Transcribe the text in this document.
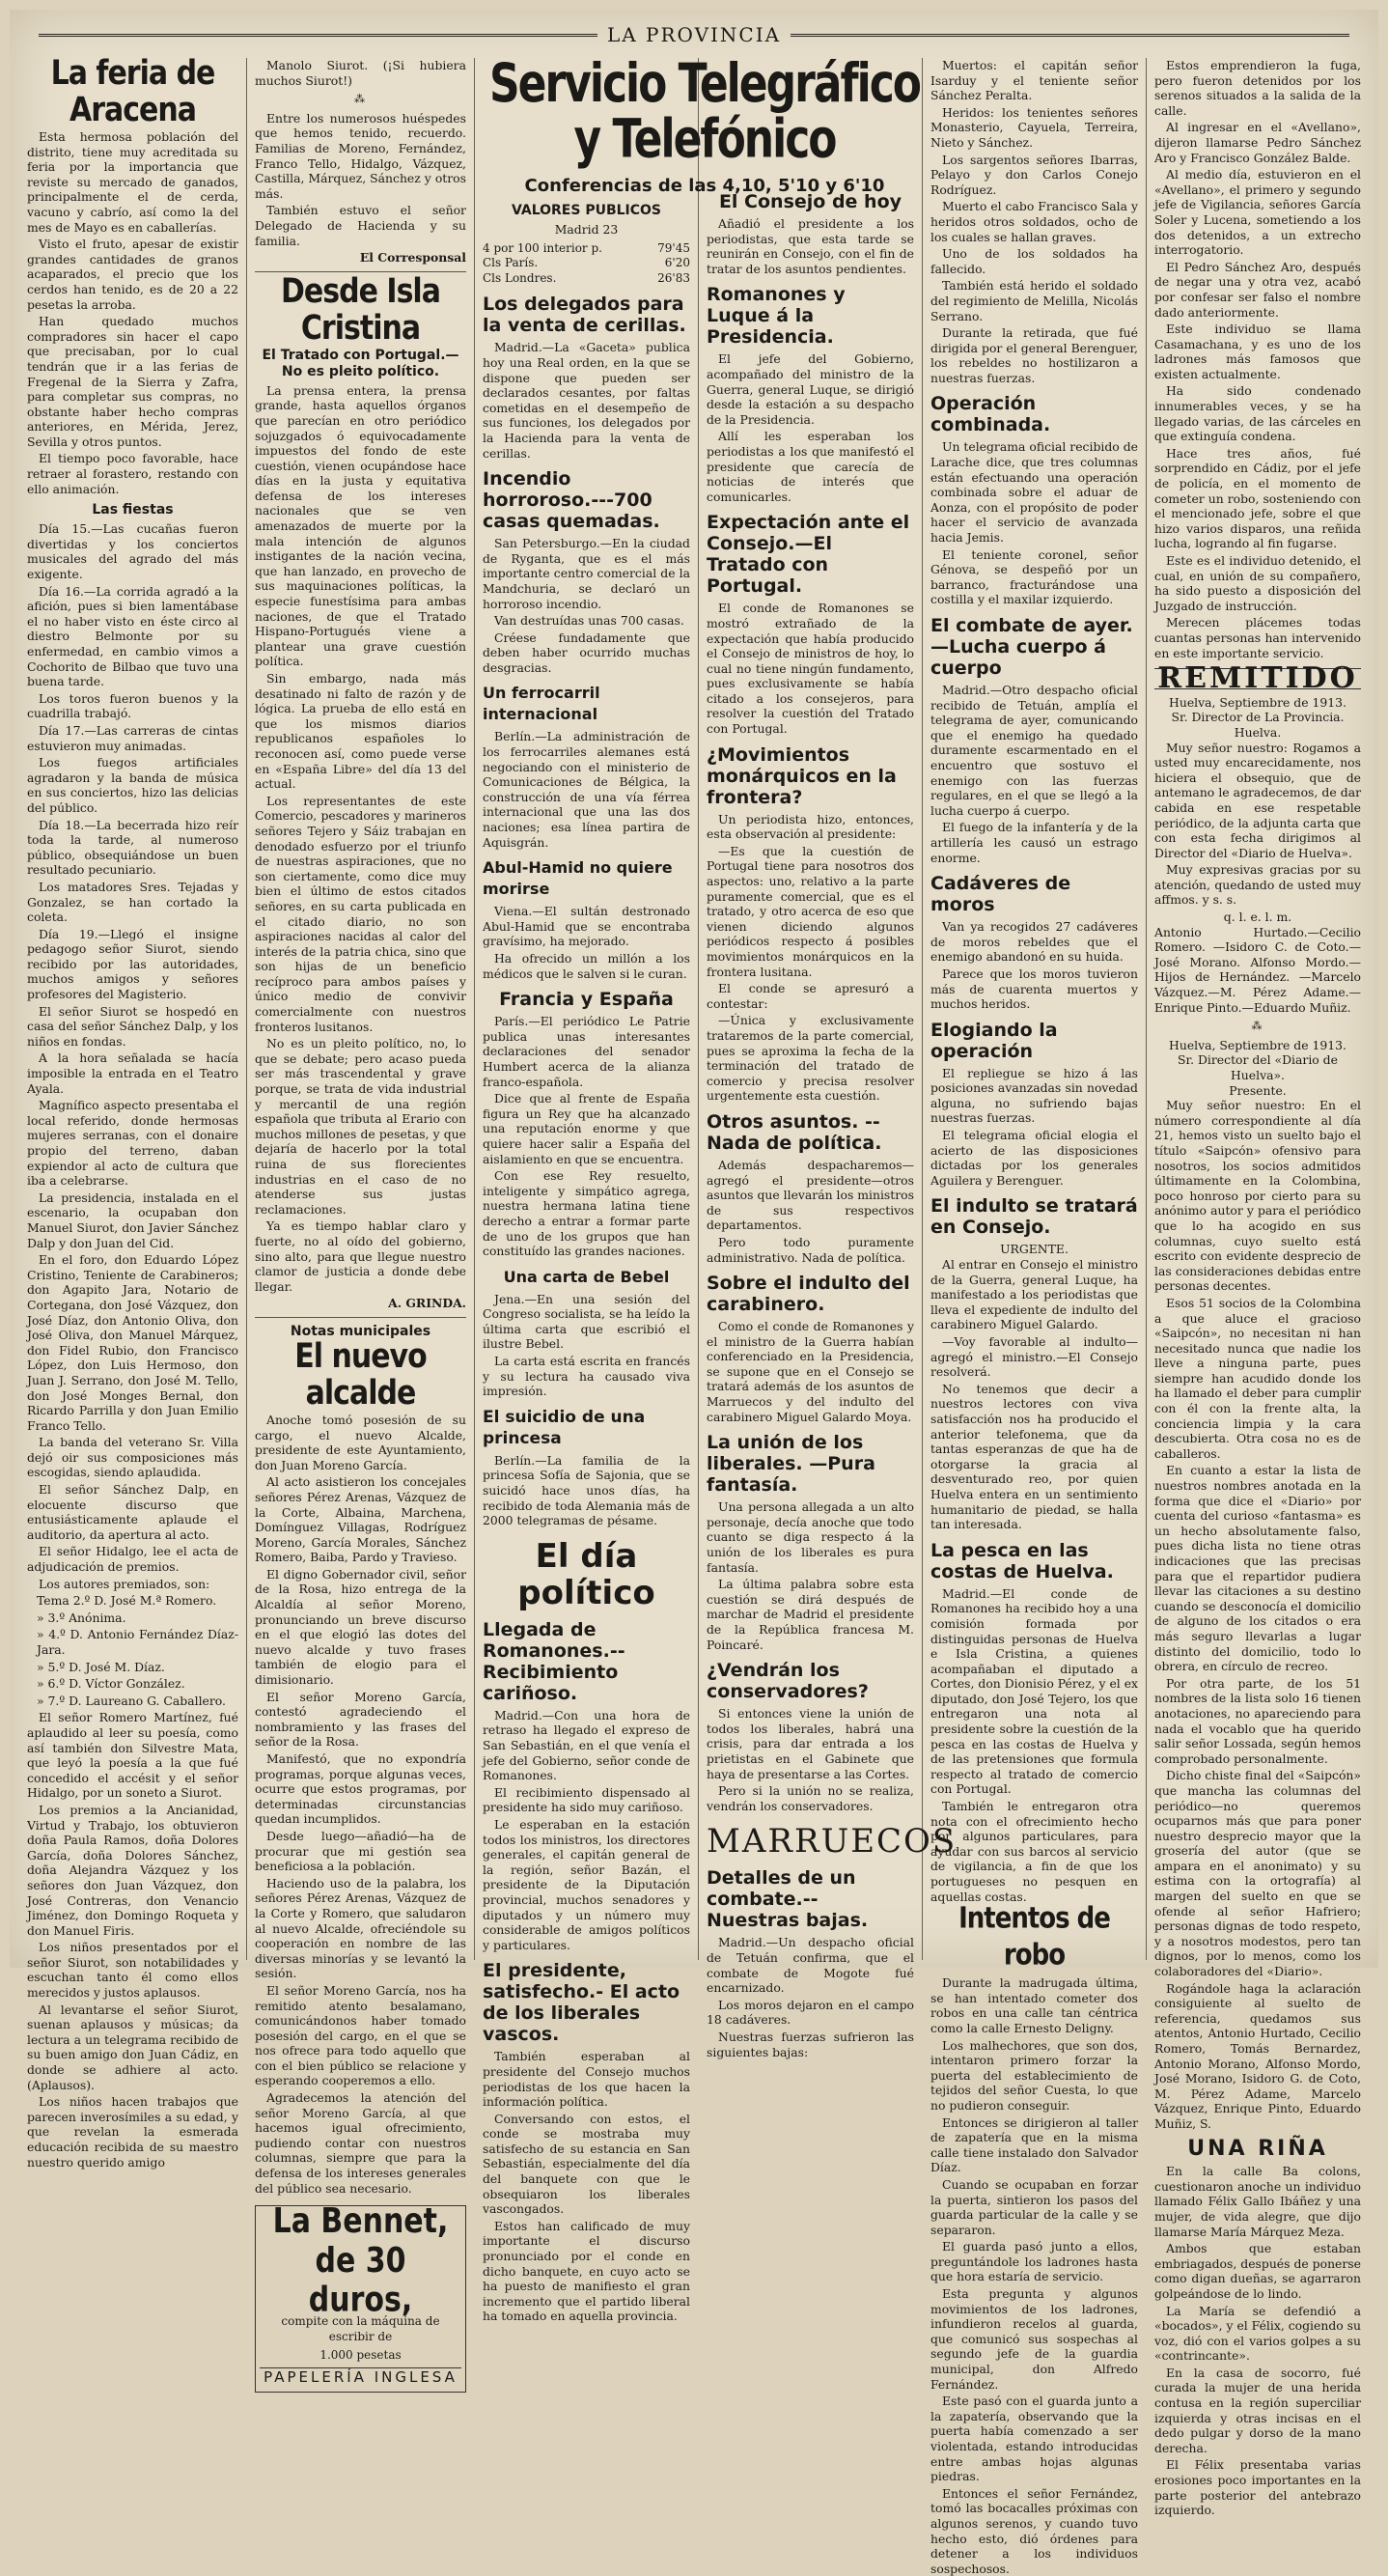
LA PROVINCIA
La feria de Aracena

Esta hermosa población del distrito, tiene muy acreditada su feria por la importancia que reviste su mercado de ganados, principalmente el de cerda, vacuno y cabrío, así como la del mes de Mayo es en caballerías.

Visto el fruto, apesar de existir grandes cantidades de granos acaparados, el precio que los cerdos han tenido, es de 20 a 22 pesetas la arroba.

Han quedado muchos compradores sin hacer el capo que precisaban, por lo cual tendrán que ir a las ferias de Fregenal de la Sierra y Zafra, para completar sus compras, no obstante haber hecho compras anteriores, en Mérida, Jerez, Sevilla y otros puntos.

El tiempo poco favorable, hace retraer al forastero, restando con ello animación.

Las fiestas

Día 15.—Las cucañas fueron divertidas y los conciertos musicales del agrado del más exigente.

Día 16.—La corrida agradó a la afición, pues si bien lamentábase el no haber visto en éste circo al diestro Belmonte por su enfermedad, en cambio vimos a Cochorito de Bilbao que tuvo una buena tarde.

Los toros fueron buenos y la cuadrilla trabajó.

Día 17.—Las carreras de cintas estuvieron muy animadas.

Los fuegos artificiales agradaron y la banda de música en sus conciertos, hizo las delicias del público.

Día 18.—La becerrada hizo reír toda la tarde, al numeroso público, obsequiándose un buen resultado pecuniario.

Los matadores Sres. Tejadas y Gonzalez, se han cortado la coleta.

Día 19.—Llegó el insigne pedagogo señor Siurot, siendo recibido por las autoridades, muchos amigos y señores profesores del Magisterio.

El señor Siurot se hospedó en casa del señor Sánchez Dalp, y los niños en fondas.

A la hora señalada se hacía imposible la entrada en el Teatro Ayala.

Magnífico aspecto presentaba el local referido, donde hermosas mujeres serranas, con el donaire propio del terreno, daban expiendor al acto de cultura que iba a celebrarse.

La presidencia, instalada en el escenario, la ocupaban don Manuel Siurot, don Javier Sánchez Dalp y don Juan del Cid.

En el foro, don Eduardo López Cristino, Teniente de Carabineros; don Agapito Jara, Notario de Cortegana, don José Vázquez, don José Díaz, don Antonio Oliva, don José Oliva, don Manuel Márquez, don Fidel Rubio, don Francisco López, don Luis Hermoso, don Juan J. Serrano, don José M. Tello, don José Monges Bernal, don Ricardo Parrilla y don Juan Emilio Franco Tello.

La banda del veterano Sr. Villa dejó oir sus composiciones más escogidas, siendo aplaudida.

El señor Sánchez Dalp, en elocuente discurso que entusiásticamente aplaude el auditorio, da apertura al acto.

El señor Hidalgo, lee el acta de adjudicación de premios.

Los autores premiados, son:

Tema 2.º D. José M.ª Romero.

» 3.º Anónima.

» 4.º D. Antonio Fernández Díaz-Jara.

» 5.º D. José M. Díaz.

» 6.º D. Víctor González.

» 7.º D. Laureano G. Caballero.

El señor Romero Martínez, fué aplaudido al leer su poesía, como así también don Silvestre Mata, que leyó la poesía a la que fué concedido el accésit y el señor Hidalgo, por un soneto a Siurot.

Los premios a la Ancianidad, Virtud y Trabajo, los obtuvieron doña Paula Ramos, doña Dolores García, doña Dolores Sánchez, doña Alejandra Vázquez y los señores don Juan Vázquez, don José Contreras, don Venancio Jiménez, don Domingo Roqueta y don Manuel Firis.

Los niños presentados por el señor Siurot, son notabilidades y escuchan tanto él como ellos merecidos y justos aplausos.

Al levantarse el señor Siurot, suenan aplausos y músicas; da lectura a un telegrama recibido de su buen amigo don Juan Cádiz, en donde se adhiere al acto. (Aplausos).

Los niños hacen trabajos que parecen inverosímiles a su edad, y que revelan la esmerada educación recibida de su maestro nuestro querido amigo

Manolo Siurot. (¡Si hubiera muchos Siurot!)

⁂

Entre los numerosos huéspedes que hemos tenido, recuerdo. Familias de Moreno, Fernández, Franco Tello, Hidalgo, Vázquez, Castilla, Márquez, Sánchez y otros más.

También estuvo el señor Delegado de Hacienda y su familia.

El Corresponsal
Desde Isla Cristina
El Tratado con Portugal.—No es pleito político.

La prensa entera, la prensa grande, hasta aquellos órganos que parecían en otro periódico sojuzgados ó equivocadamente impuestos del fondo de este cuestión, vienen ocupándose hace días en la justa y equitativa defensa de los intereses nacionales que se ven amenazados de muerte por la mala intención de algunos instigantes de la nación vecina, que han lanzado, en provecho de sus maquinaciones políticas, la especie funestísima para ambas naciones, de que el Tratado Hispano-Portugués viene a plantear una grave cuestión política.

Sin embargo, nada más desatinado ni falto de razón y de lógica. La prueba de ello está en que los mismos diarios republicanos españoles lo reconocen así, como puede verse en «España Libre» del día 13 del actual.

Los representantes de este Comercio, pescadores y marineros señores Tejero y Sáiz trabajan en denodado esfuerzo por el triunfo de nuestras aspiraciones, que no son ciertamente, como dice muy bien el último de estos citados señores, en su carta publicada en el citado diario, no son aspiraciones nacidas al calor del interés de la patria chica, sino que son hijas de un beneficio recíproco para ambos países y único medio de convivir comercialmente con nuestros fronteros lusitanos.

No es un pleito político, no, lo que se debate; pero acaso pueda ser más trascendental y grave porque, se trata de vida industrial y mercantil de una región española que tributa al Erario con muchos millones de pesetas, y que dejaría de hacerlo por la total ruina de sus florecientes industrias en el caso de no atenderse sus justas reclamaciones.

Ya es tiempo hablar claro y fuerte, no al oído del gobierno, sino alto, para que llegue nuestro clamor de justicia a donde debe llegar.

A. GRINDA.
Notas municipales
El nuevo alcalde

Anoche tomó posesión de su cargo, el nuevo Alcalde, presidente de este Ayuntamiento, don Juan Moreno García.

Al acto asistieron los concejales señores Pérez Arenas, Vázquez de la Corte, Albaina, Marchena, Domínguez Villagas, Rodríguez Moreno, García Morales, Sánchez Romero, Baiba, Pardo y Travieso.

El digno Gobernador civil, señor de la Rosa, hizo entrega de la Alcaldía al señor Moreno, pronunciando un breve discurso en el que elogió las dotes del nuevo alcalde y tuvo frases también de elogio para el dimisionario.

El señor Moreno García, contestó agradeciendo el nombramiento y las frases del señor de la Rosa.

Manifestó, que no expondría programas, porque algunas veces, ocurre que estos programas, por determinadas circunstancias quedan incumplidos.

Desde luego—añadió—ha de procurar que mi gestión sea beneficiosa a la población.

Haciendo uso de la palabra, los señores Pérez Arenas, Vázquez de la Corte y Romero, que saludaron al nuevo Alcalde, ofreciéndole su cooperación en nombre de las diversas minorías y se levantó la sesión.

El señor Moreno García, nos ha remitido atento besalamano, comunicándonos haber tomado posesión del cargo, en el que se nos ofrece para todo aquello que con el bien público se relacione y esperando cooperemos a ello.

Agradecemos la atención del señor Moreno García, al que hacemos igual ofrecimiento, pudiendo contar con nuestros columnas, siempre que para la defensa de los intereses generales del público sea necesario.

La Bennet, de 30 duros,
compite con la máquina de escribir de
1.000 pesetas
PAPELERÍA INGLESA
Servicio Telegráfico y Telefónico
Conferencias de las 4,10, 5'10 y 6'10
VALORES PUBLICOS
Madrid 23
4 por 100 interior p.	79'45
Cls París.	6'20
Cls Londres.	26'83
Los delegados para la venta de cerillas.

Madrid.—La «Gaceta» publica hoy una Real orden, en la que se dispone que pueden ser declarados cesantes, por faltas cometidas en el desempeño de sus funciones, los delegados por la Hacienda para la venta de cerillas.

Incendio horroroso.---700 casas quemadas.

San Petersburgo.—En la ciudad de Ryganta, que es el más importante centro comercial de la Mandchuria, se declaró un horroroso incendio.

Van destruídas unas 700 casas.

Créese fundadamente que deben haber ocurrido muchas desgracias.

Un ferrocarril internacional

Berlín.—La administración de los ferrocarriles alemanes está negociando con el ministerio de Comunicaciones de Bélgica, la construcción de una vía férrea internacional que una las dos naciones; esa línea partira de Aquisgrán.

Abul-Hamid no quiere morirse

Viena.—El sultán destronado Abul-Hamid que se encontraba gravísimo, ha mejorado.

Ha ofrecido un millón a los médicos que le salven si le curan.

Francia y España

París.—El periódico Le Patrie publica unas interesantes declaraciones del senador Humbert acerca de la alianza franco-española.

Dice que al frente de España figura un Rey que ha alcanzado una reputación enorme y que quiere hacer salir a España del aislamiento en que se encuentra.

Con ese Rey resuelto, inteligente y simpático agrega, nuestra hermana latina tiene derecho a entrar a formar parte de uno de los grupos que han constituído las grandes naciones.

Una carta de Bebel

Jena.—En una sesión del Congreso socialista, se ha leído la última carta que escribió el ilustre Bebel.

La carta está escrita en francés y su lectura ha causado viva impresión.

El suicidio de una princesa

Berlín.—La familia de la princesa Sofía de Sajonia, que se suicidó hace unos días, ha recibido de toda Alemania más de 2000 telegramas de pésame.

El día político
Llegada de Romanones.-- Recibimiento cariñoso.

Madrid.—Con una hora de retraso ha llegado el expreso de San Sebastián, en el que venía el jefe del Gobierno, señor conde de Romanones.

El recibimiento dispensado al presidente ha sido muy cariñoso.

Le esperaban en la estación todos los ministros, los directores generales, el capitán general de la región, señor Bazán, el presidente de la Diputación provincial, muchos senadores y diputados y un número muy considerable de amigos políticos y particulares.

El presidente, satisfecho.- El acto de los liberales vascos.

También esperaban al presidente del Consejo muchos periodistas de los que hacen la información política.

Conversando con estos, el conde se mostraba muy satisfecho de su estancia en San Sebastián, especialmente del día del banquete con que le obsequiaron los liberales vascongados.

Estos han calificado de muy importante el discurso pronunciado por el conde en dicho banquete, en cuyo acto se ha puesto de manifiesto el gran incremento que el partido liberal ha tomado en aquella provincia.

El Consejo de hoy

Añadió el presidente a los periodistas, que esta tarde se reunirán en Consejo, con el fin de tratar de los asuntos pendientes.

Romanones y Luque á la Presidencia.

El jefe del Gobierno, acompañado del ministro de la Guerra, general Luque, se dirigió desde la estación a su despacho de la Presidencia.

Allí les esperaban los periodistas a los que manifestó el presidente que carecía de noticias de interés que comunicarles.

Expectación ante el Consejo.—El Tratado con Portugal.

El conde de Romanones se mostró extrañado de la expectación que había producido el Consejo de ministros de hoy, lo cual no tiene ningún fundamento, pues exclusivamente se había citado a los consejeros, para resolver la cuestión del Tratado con Portugal.

¿Movimientos monárquicos en la frontera?

Un periodista hizo, entonces, esta observación al presidente:

—Es que la cuestión de Portugal tiene para nosotros dos aspectos: uno, relativo a la parte puramente comercial, que es el tratado, y otro acerca de eso que vienen diciendo algunos periódicos respecto á posibles movimientos monárquicos en la frontera lusitana.

El conde se apresuró a contestar:

—Única y exclusivamente trataremos de la parte comercial, pues se aproxima la fecha de la terminación del tratado de comercio y precisa resolver urgentemente esta cuestión.

Otros asuntos. --Nada de política.

Además despacharemos—agregó el presidente—otros asuntos que llevarán los ministros de sus respectivos departamentos.

Pero todo puramente administrativo. Nada de política.

Sobre el indulto del carabinero.

Como el conde de Romanones y el ministro de la Guerra habían conferenciado en la Presidencia, se supone que en el Consejo se tratará además de los asuntos de Marruecos y del indulto del carabinero Miguel Galardo Moya.

La unión de los liberales. —Pura fantasía.

Una persona allegada a un alto personaje, decía anoche que todo cuanto se diga respecto á la unión de los liberales es pura fantasía.

La última palabra sobre esta cuestión se dirá después de marchar de Madrid el presidente de la República francesa M. Poincaré.

¿Vendrán los conservadores?

Si entonces viene la unión de todos los liberales, habrá una crisis, para dar entrada a los prietistas en el Gabinete que haya de presentarse a las Cortes.

Pero si la unión no se realiza, vendrán los conservadores.

MARRUECOS
Detalles de un combate.-- Nuestras bajas.

Madrid.—Un despacho oficial de Tetuán confirma, que el combate de Mogote fué encarnizado.

Los moros dejaron en el campo 18 cadáveres.

Nuestras fuerzas sufrieron las siguientes bajas:

Muertos: el capitán señor Isarduy y el teniente señor Sánchez Peralta.

Heridos: los tenientes señores Monasterio, Cayuela, Terreira, Nieto y Sánchez.

Los sargentos señores Ibarras, Pelayo y don Carlos Conejo Rodríguez.

Muerto el cabo Francisco Sala y heridos otros soldados, ocho de los cuales se hallan graves.

Uno de los soldados ha fallecido.

También está herido el soldado del regimiento de Melilla, Nicolás Serrano.

Durante la retirada, que fué dirigida por el general Berenguer, los rebeldes no hostilizaron a nuestras fuerzas.

Operación combinada.

Un telegrama oficial recibido de Larache dice, que tres columnas están efectuando una operación combinada sobre el aduar de Aonza, con el propósito de poder hacer el servicio de avanzada hacia Jemis.

El teniente coronel, señor Génova, se despeñó por un barranco, fracturándose una costilla y el maxilar izquierdo.

El combate de ayer.—Lucha cuerpo á cuerpo

Madrid.—Otro despacho oficial recibido de Tetuán, amplía el telegrama de ayer, comunicando que el enemigo ha quedado duramente escarmentado en el encuentro que sostuvo el enemigo con las fuerzas regulares, en el que se llegó a la lucha cuerpo á cuerpo.

El fuego de la infantería y de la artillería les causó un estrago enorme.

Cadáveres de moros

Van ya recogidos 27 cadáveres de moros rebeldes que el enemigo abandonó en su huida.

Parece que los moros tuvieron más de cuarenta muertos y muchos heridos.

Elogiando la operación

El repliegue se hizo á las posiciones avanzadas sin novedad alguna, no sufriendo bajas nuestras fuerzas.

El telegrama oficial elogia el acierto de las disposiciones dictadas por los generales Aguilera y Berenguer.

El indulto se tratará en Consejo.
URGENTE.

Al entrar en Consejo el ministro de la Guerra, general Luque, ha manifestado a los periodistas que lleva el expediente de indulto del carabinero Miguel Galardo.

—Voy favorable al indulto—agregó el ministro.—El Consejo resolverá.

No tenemos que decir a nuestros lectores con viva satisfacción nos ha producido el anterior telefonema, que da tantas esperanzas de que ha de otorgarse la gracia al desventurado reo, por quien Huelva entera en un sentimiento humanitario de piedad, se halla tan interesada.

La pesca en las costas de Huelva.

Madrid.—El conde de Romanones ha recibido hoy a una comisión formada por distinguidas personas de Huelva e Isla Cristina, a quienes acompañaban el diputado a Cortes, don Dionisio Pérez, y el ex diputado, don José Tejero, los que entregaron una nota al presidente sobre la cuestión de la pesca en las costas de Huelva y de las pretensiones que formula respecto al tratado de comercio con Portugal.

También le entregaron otra nota con el ofrecimiento hecho por algunos particulares, para ayudar con sus barcos al servicio de vigilancia, a fin de que los portugueses no pesquen en aquellas costas.

Intentos de robo

Durante la madrugada última, se han intentado cometer dos robos en una calle tan céntrica como la calle Ernesto Deligny.

Los malhechores, que son dos, intentaron primero forzar la puerta del establecimiento de tejidos del señor Cuesta, lo que no pudieron conseguir.

Entonces se dirigieron al taller de zapatería que en la misma calle tiene instalado don Salvador Díaz.

Cuando se ocupaban en forzar la puerta, sintieron los pasos del guarda particular de la calle y se separaron.

El guarda pasó junto a ellos, preguntándole los ladrones hasta que hora estaría de servicio.

Esta pregunta y algunos movimientos de los ladrones, infundieron recelos al guarda, que comunicó sus sospechas al segundo jefe de la guardia municipal, don Alfredo Fernández.

Este pasó con el guarda junto a la zapatería, observando que la puerta había comenzado a ser violentada, estando introducidas entre ambas hojas algunas piedras.

Entonces el señor Fernández, tomó las bocacalles próximas con algunos serenos, y cuando tuvo hecho esto, dió órdenes para detener a los individuos sospechosos.

Estos emprendieron la fuga, pero fueron detenidos por los serenos situados a la salida de la calle.

Al ingresar en el «Avellano», dijeron llamarse Pedro Sánchez Aro y Francisco González Balde.

Al medio día, estuvieron en el «Avellano», el primero y segundo jefe de Vigilancia, señores García Soler y Lucena, sometiendo a los dos detenidos, a un extrecho interrogatorio.

El Pedro Sánchez Aro, después de negar una y otra vez, acabó por confesar ser falso el nombre dado anteriormente.

Este individuo se llama Casamachana, y es uno de los ladrones más famosos que existen actualmente.

Ha sido condenado innumerables veces, y se ha llegado varias, de las cárceles en que extinguía condena.

Hace tres años, fué sorprendido en Cádiz, por el jefe de policía, en el momento de cometer un robo, sosteniendo con el mencionado jefe, sobre el que hizo varios disparos, una reñida lucha, logrando al fin fugarse.

Este es el individuo detenido, el cual, en unión de su compañero, ha sido puesto a disposición del Juzgado de instrucción.

Merecen plácemes todas cuantas personas han intervenido en este importante servicio.

REMITIDO
Huelva, Septiembre de 1913.
Sr. Director de La Provincia.
Huelva.

Muy señor nuestro: Rogamos a usted muy encarecidamente, nos hiciera el obsequio, que de antemano le agradecemos, de dar cabida en ese respetable periódico, de la adjunta carta que con esta fecha dirigimos al Director del «Diario de Huelva».

Muy expresivas gracias por su atención, quedando de usted muy affmos. y s. s.

q. l. e. l. m.

Antonio Hurtado.—Cecilio Romero. —Isidoro C. de Coto.—José Morano. Alfonso Mordo.—Hijos de Hernández. —Marcelo Vázquez.—M. Pérez Adame.—Enrique Pinto.—Eduardo Muñiz.

⁂
Huelva, Septiembre de 1913.
Sr. Director del «Diario de Huelva».
Presente.

Muy señor nuestro: En el número correspondiente al día 21, hemos visto un suelto bajo el título «Saipcón» ofensivo para nosotros, los socios admitidos últimamente en la Colombina, poco honroso por cierto para su anónimo autor y para el periódico que lo ha acogido en sus columnas, cuyo suelto está escrito con evidente desprecio de las consideraciones debidas entre personas decentes.

Esos 51 socios de la Colombina a que aluce el gracioso «Saipcón», no necesitan ni han necesitado nunca que nadie los lleve a ninguna parte, pues siempre han acudido donde los ha llamado el deber para cumplir con él con la frente alta, la conciencia limpia y la cara descubierta. Otra cosa no es de caballeros.

En cuanto a estar la lista de nuestros nombres anotada en la forma que dice el «Diario» por cuenta del curioso «fantasma» es un hecho absolutamente falso, pues dicha lista no tiene otras indicaciones que las precisas para que el repartidor pudiera llevar las citaciones a su destino cuando se desconocía el domicilio de alguno de los citados o era más seguro llevarlas a lugar distinto del domicilio, todo lo obrera, en círculo de recreo.

Por otra parte, de los 51 nombres de la lista solo 16 tienen anotaciones, no apareciendo para nada el vocablo que ha querido salir señor Lossada, según hemos comprobado personalmente.

Dicho chiste final del «Saipcón» que mancha las columnas del periódico—no queremos ocuparnos más que para poner nuestro desprecio mayor que la grosería del autor (que se ampara en el anonimato) y su estima con la ortografía) al margen del suelto en que se ofende al señor Hafriero; personas dignas de todo respeto, y a nosotros modestos, pero tan dignos, por lo menos, como los colaboradores del «Diario».

Rogándole haga la aclaración consiguiente al suelto de referencia, quedamos sus atentos, Antonio Hurtado, Cecilio Romero, Tomás Bernardez, Antonio Morano, Alfonso Mordo, José Morano, Isidoro G. de Coto, M. Pérez Adame, Marcelo Vázquez, Enrique Pinto, Eduardo Muñiz, S.

UNA RIÑA

En la calle Ba colons, cuestionaron anoche un individuo llamado Félix Gallo Ibáñez y una mujer, de vida alegre, que dijo llamarse María Márquez Meza.

Ambos que estaban embriagados, después de ponerse como digan dueñas, se agarraron golpeándose de lo lindo.

La María se defendió a «bocados», y el Félix, cogiendo su voz, dió con el varios golpes a su «contrincante».

En la casa de socorro, fué curada la mujer de una herida contusa en la región superciliar izquierda y otras incisas en el dedo pulgar y dorso de la mano derecha.

El Félix presentaba varias erosiones poco importantes en la parte posterior del antebrazo izquierdo.
